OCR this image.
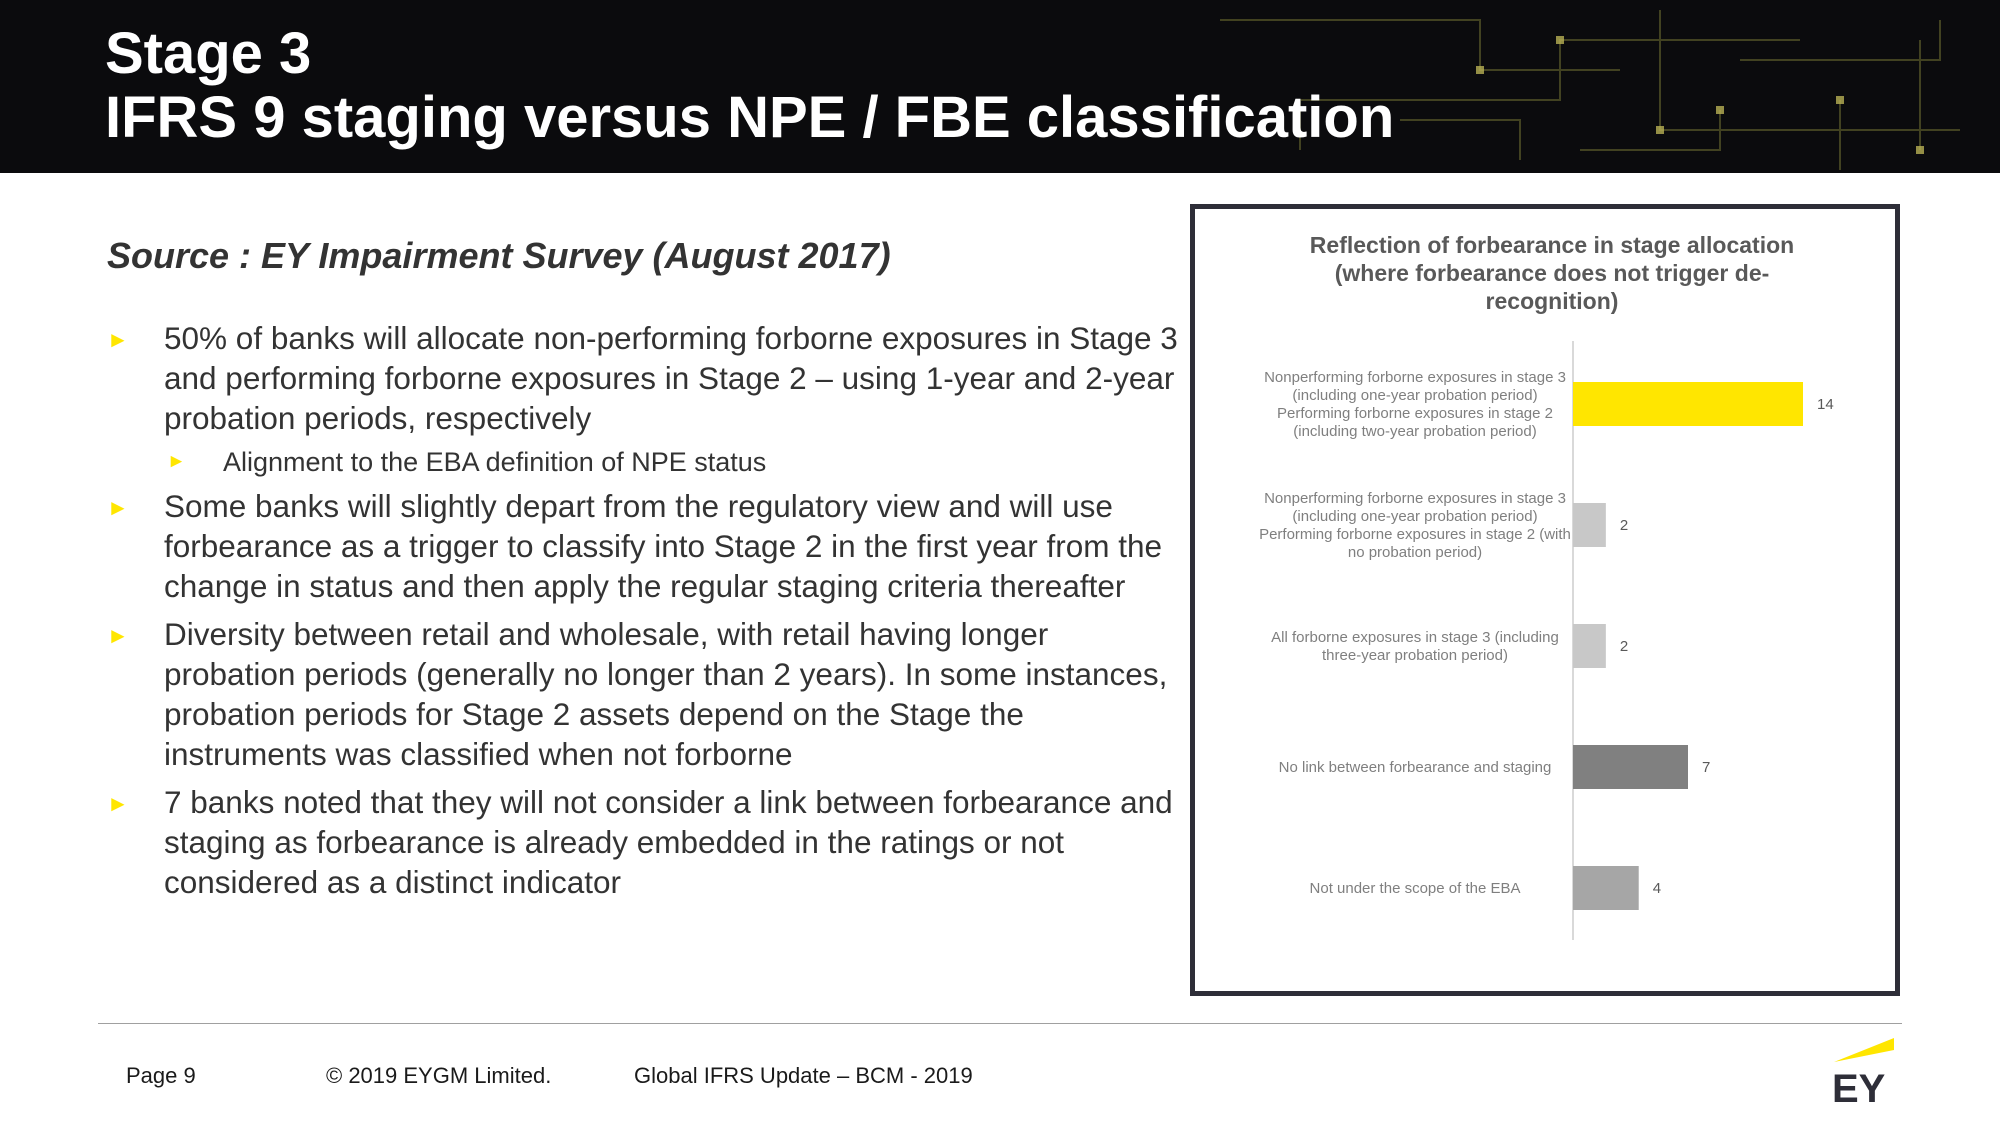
Stage 3
IFRS 9 staging versus NPE / FBE classification

Source : EY Impairment Survey (August 2017)

► 50% of banks will allocate non-performing forborne exposures in Stage 3 and performing forborne exposures in Stage 2 – using 1-year and 2-year probation periods, respectively
► Alignment to the EBA definition of NPE status
► Some banks will slightly depart from the regulatory view and will use forbearance as a trigger to classify into Stage 2 in the first year from the change in status and then apply the regular staging criteria thereafter
► Diversity between retail and wholesale, with retail having longer probation periods (generally no longer than 2 years). In some instances, probation periods for Stage 2 assets depend on the Stage the instruments was classified when not forborne
► 7 banks noted that they will not consider a link between forbearance and staging as forbearance is already embedded in the ratings or not considered as a distinct indicator
Reflection of forbearance in stage allocation
(where forbearance does not trigger de-
recognition)
14
Nonperforming forborne exposures in stage 3
(including one-year probation period)
Performing forborne exposures in stage 2
(including two-year probation period)
2
Nonperforming forborne exposures in stage 3
(including one-year probation period)
Performing forborne exposures in stage 2 (with
no probation period)
2
All forborne exposures in stage 3 (including
three-year probation period)
7
No link between forbearance and staging
4
Not under the scope of the EBA
Page 9	© 2019 EYGM Limited.	Global IFRS Update – BCM - 2019	EY
